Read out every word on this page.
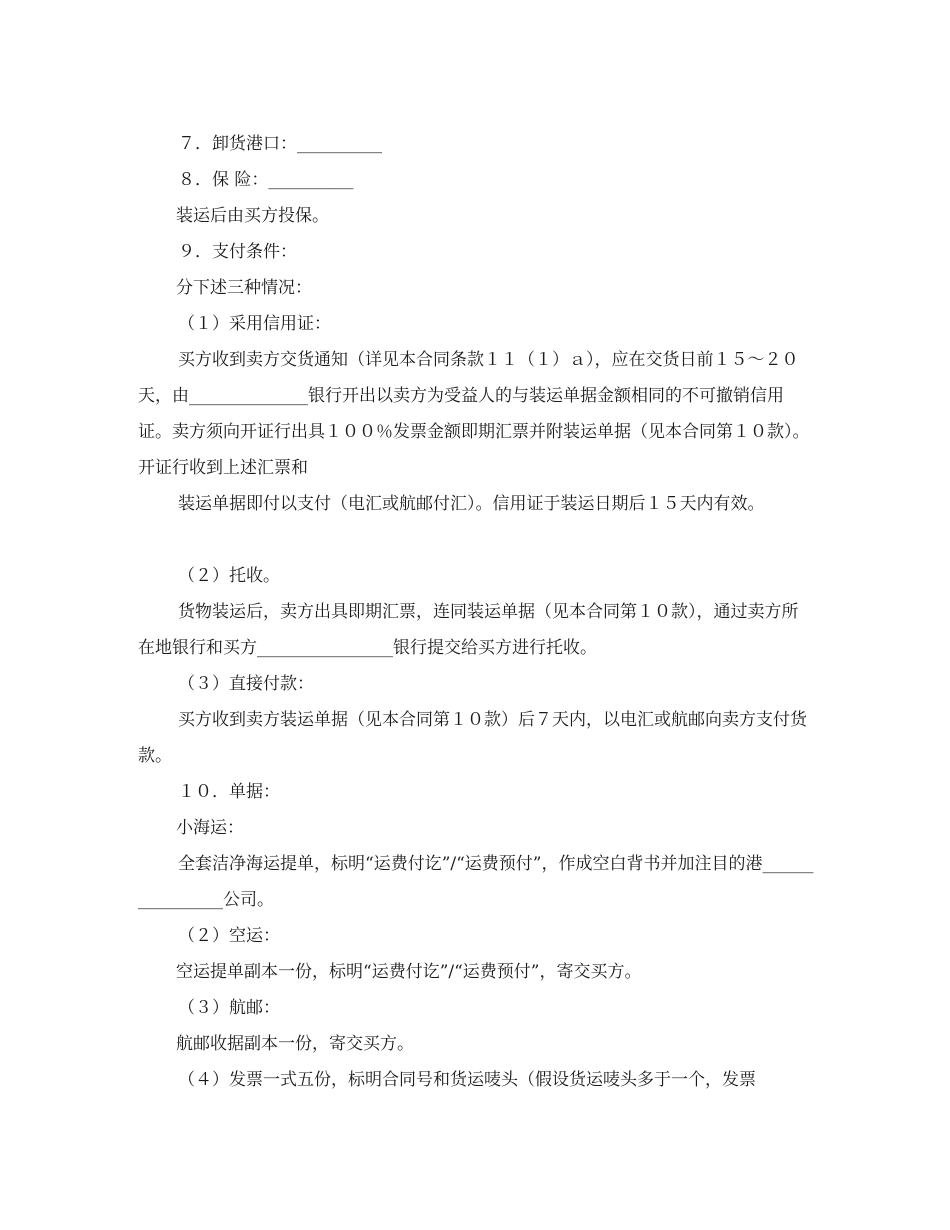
７．卸货港口：__________
８．保 险：__________
装运后由买方投保。
９．支付条件：
分下述三种情况：
（１）采用信用证：
买方收到卖方交货通知（详见本合同条款１１（１）ａ），应在交货日前１５～２０天，由______________银行开出以卖方为受益人的与装运单据金额相同的不可撤销信用证。卖方须向开证行出具１００％发票金额即期汇票并附装运单据（见本合同第１０款）。开证行收到上述汇票和
装运单据即付以支付（电汇或航邮付汇）。信用证于装运日期后１５天内有效。
（２）托收。
货物装运后，卖方出具即期汇票，连同装运单据（见本合同第１０款），通过卖方所在地银行和买方________________银行提交给买方进行托收。
（３）直接付款：
买方收到卖方装运单据（见本合同第１０款）后７天内，以电汇或航邮向卖方支付货款。
１０．单据：
小海运：
全套洁净海运提单，标明“运费付讫”/“运费预付”，作成空白背书并加注目的港________________公司。
（２）空运：
空运提单副本一份，标明“运费付讫”/“运费预付”，寄交买方。
（３）航邮：
航邮收据副本一份，寄交买方。
（４）发票一式五份，标明合同号和货运唛头（假设货运唛头多于一个，发票
